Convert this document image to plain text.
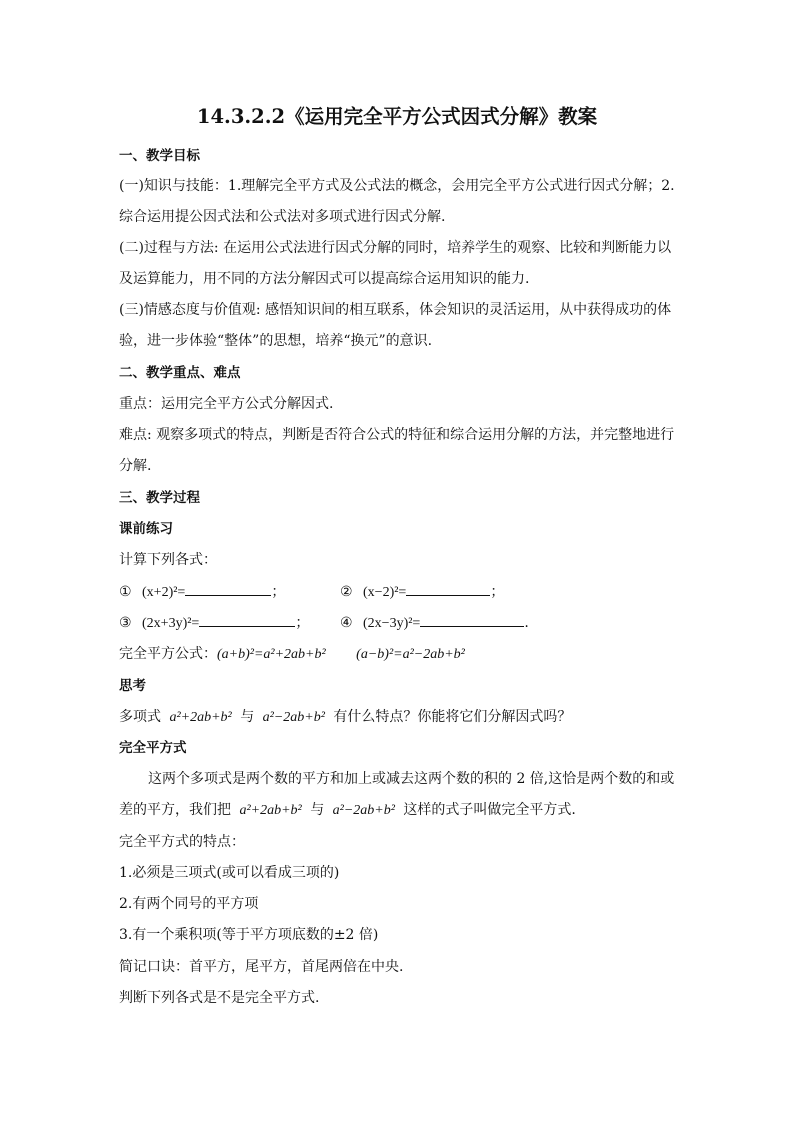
14.3.2.2《运用完全平方公式因式分解》教案
一、教学目标
(一)知识与技能：1.理解完全平方式及公式法的概念，会用完全平方公式进行因式分解；2.
综合运用提公因式法和公式法对多项式进行因式分解.
(二)过程与方法: 在运用公式法进行因式分解的同时，培养学生的观察、比较和判断能力以
及运算能力，用不同的方法分解因式可以提高综合运用知识的能力.
(三)情感态度与价值观: 感悟知识间的相互联系，体会知识的灵活运用，从中获得成功的体
验，进一步体验“整体”的思想，培养“换元”的意识.
二、教学重点、难点
重点：运用完全平方公式分解因式.
难点: 观察多项式的特点，判断是否符合公式的特征和综合运用分解的方法，并完整地进行
分解.
三、教学过程
课前练习
计算下列各式：
① (x+2)²=	；	② (x−2)²=	；
③ (2x+3y)²=	； ④ (2x−3y)²=	.
完全平方公式：(a+b)²=a²+2ab+b² (a−b)²=a²−2ab+b²
思考
多项式 a²+2ab+b² 与 a²−2ab+b² 有什么特点？你能将它们分解因式吗？
完全平方式
这两个多项式是两个数的平方和加上或减去这两个数的积的 2 倍,这恰是两个数的和或
差的平方，我们把 a²+2ab+b² 与 a²−2ab+b² 这样的式子叫做完全平方式.
完全平方式的特点：
1.必须是三项式(或可以看成三项的)
2.有两个同号的平方项
3.有一个乘积项(等于平方项底数的±2 倍)
简记口诀：首平方，尾平方，首尾两倍在中央.
判断下列各式是不是完全平方式.
